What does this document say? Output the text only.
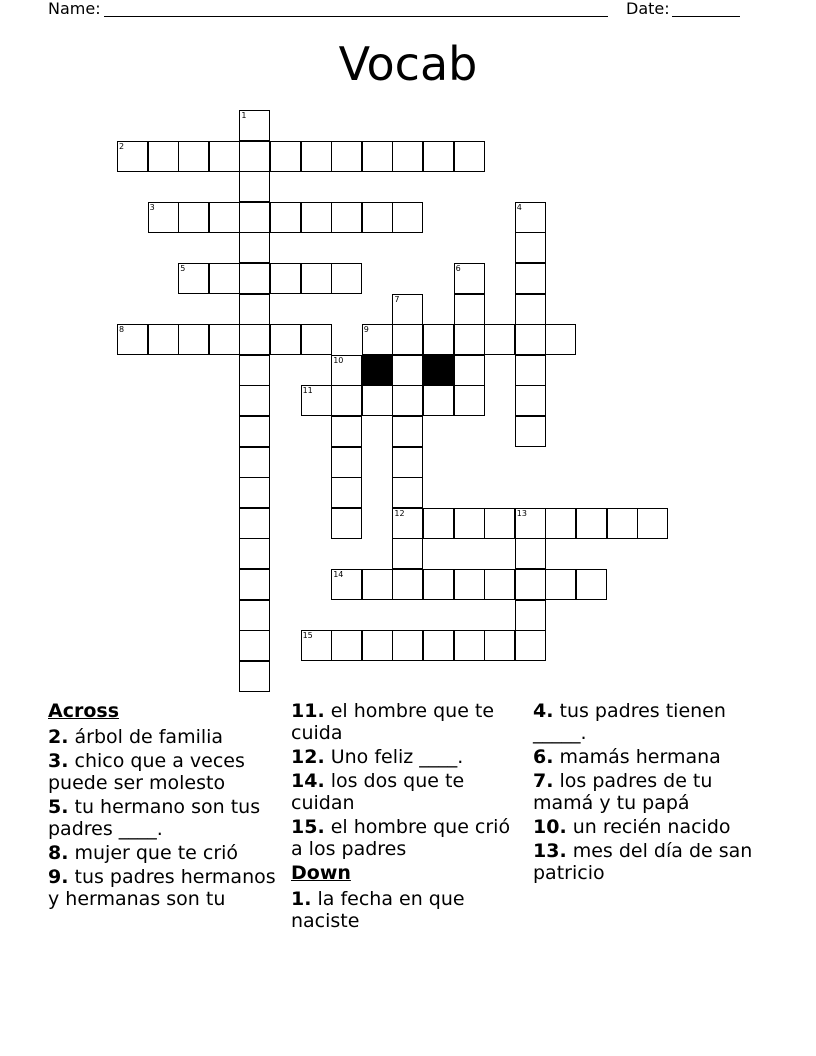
Name:	Date:
Vocab
1
2
3	4
5	6
7
8	9
10
11
12	13
14
15
Across
2. árbol de familia
3. chico que a veces puede ser molesto
5. tu hermano son tus padres ____.
8. mujer que te crió
9. tus padres hermanos y hermanas son tu
11. el hombre que te cuida
12. Uno feliz ____.
14. los dos que te cuidan
15. el hombre que crió a los padres
Down
1. la fecha en que naciste
4. tus padres tienen _____.
6. mamás hermana
7. los padres de tu mamá y tu papá
10. un recién nacido
13. mes del día de san patricio
